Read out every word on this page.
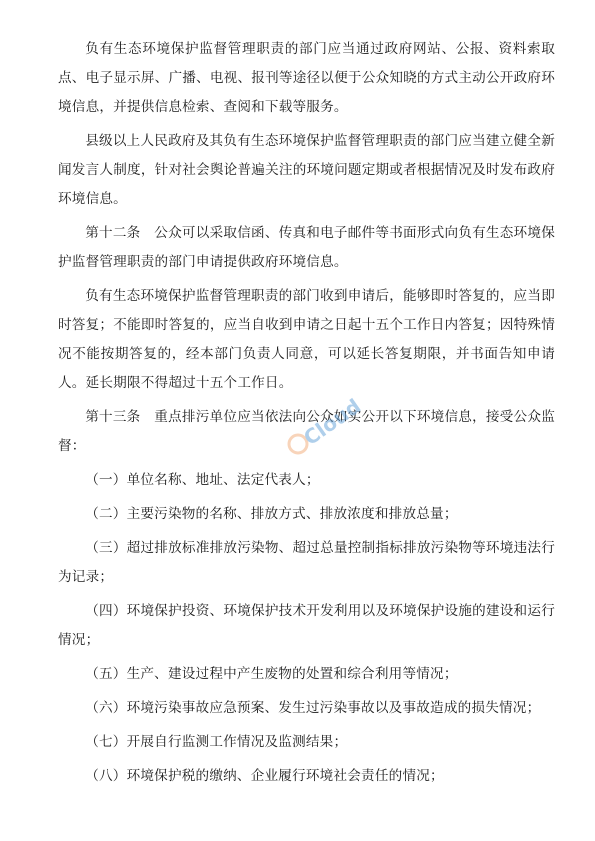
负有生态环境保护监督管理职责的部门应当通过政府网站、公报、资料索取点、电子显示屏、广播、电视、报刊等途径以便于公众知晓的方式主动公开政府环境信息，并提供信息检索、查阅和下载等服务。

县级以上人民政府及其负有生态环境保护监督管理职责的部门应当建立健全新闻发言人制度，针对社会舆论普遍关注的环境问题定期或者根据情况及时发布政府环境信息。

第十二条　公众可以采取信函、传真和电子邮件等书面形式向负有生态环境保护监督管理职责的部门申请提供政府环境信息。

负有生态环境保护监督管理职责的部门收到申请后，能够即时答复的，应当即时答复；不能即时答复的，应当自收到申请之日起十五个工作日内答复；因特殊情况不能按期答复的，经本部门负责人同意，可以延长答复期限，并书面告知申请人。延长期限不得超过十五个工作日。

第十三条　重点排污单位应当依法向公众如实公开以下环境信息，接受公众监督：

（一）单位名称、地址、法定代表人；

（二）主要污染物的名称、排放方式、排放浓度和排放总量；

（三）超过排放标准排放污染物、超过总量控制指标排放污染物等环境违法行为记录；

（四）环境保护投资、环境保护技术开发利用以及环境保护设施的建设和运行情况；

（五）生产、建设过程中产生废物的处置和综合利用等情况；

（六）环境污染事故应急预案、发生过污染事故以及事故造成的损失情况；

（七）开展自行监测工作情况及监测结果；

（八）环境保护税的缴纳、企业履行环境社会责任的情况；

Cloud
